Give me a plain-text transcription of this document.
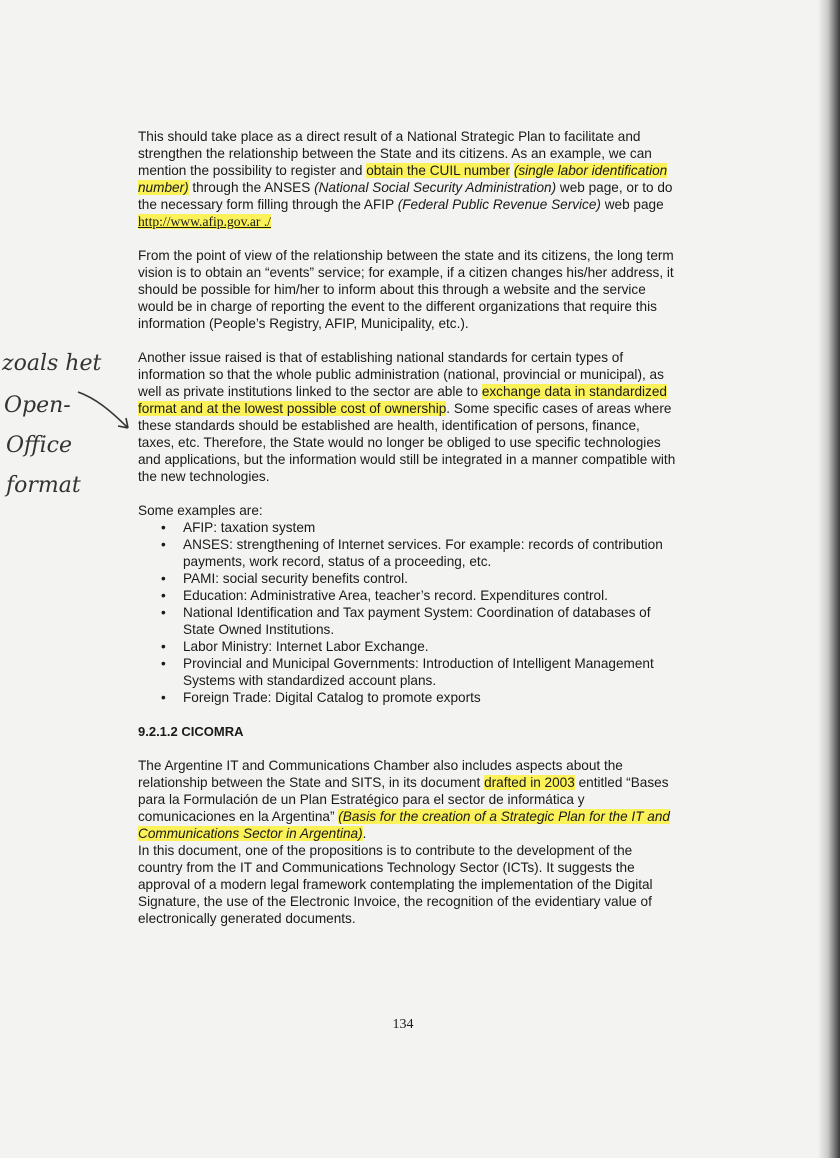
zoals het
Open-
Office
format

This should take place as a direct result of a National Strategic Plan to facilitate and strengthen the relationship between the State and its citizens. As an example, we can mention the possibility to register and obtain the CUIL number (single labor identification number) through the ANSES (National Social Security Administration) web page, or to do the necessary form filling through the AFIP (Federal Public Revenue Service) web page http://www.afip.gov.ar ./

From the point of view of the relationship between the state and its citizens, the long term vision is to obtain an “events” service; for example, if a citizen changes his/her address, it should be possible for him/her to inform about this through a website and the service would be in charge of reporting the event to the different organizations that require this information (People’s Registry, AFIP, Municipality, etc.).

Another issue raised is that of establishing national standards for certain types of information so that the whole public administration (national, provincial or municipal), as well as private institutions linked to the sector are able to exchange data in standardized format and at the lowest possible cost of ownership. Some specific cases of areas where these standards should be established are health, identification of persons, finance, taxes, etc. Therefore, the State would no longer be obliged to use specific technologies and applications, but the information would still be integrated in a manner compatible with the new technologies.

Some examples are:

• AFIP: taxation system
• ANSES: strengthening of Internet services. For example: records of contribution payments, work record, status of a proceeding, etc.
• PAMI: social security benefits control.
• Education: Administrative Area, teacher’s record. Expenditures control.
• National Identification and Tax payment System: Coordination of databases of State Owned Institutions.
• Labor Ministry: Internet Labor Exchange.
• Provincial and Municipal Governments: Introduction of Intelligent Management Systems with standardized account plans.
• Foreign Trade: Digital Catalog to promote exports

9.2.1.2 CICOMRA

The Argentine IT and Communications Chamber also includes aspects about the relationship between the State and SITS, in its document drafted in 2003 entitled “Bases para la Formulación de un Plan Estratégico para el sector de informática y comunicaciones en la Argentina” (Basis for the creation of a Strategic Plan for the IT and Communications Sector in Argentina).

In this document, one of the propositions is to contribute to the development of the country from the IT and Communications Technology Sector (ICTs). It suggests the approval of a modern legal framework contemplating the implementation of the Digital Signature, the use of the Electronic Invoice, the recognition of the evidentiary value of electronically generated documents.

134
